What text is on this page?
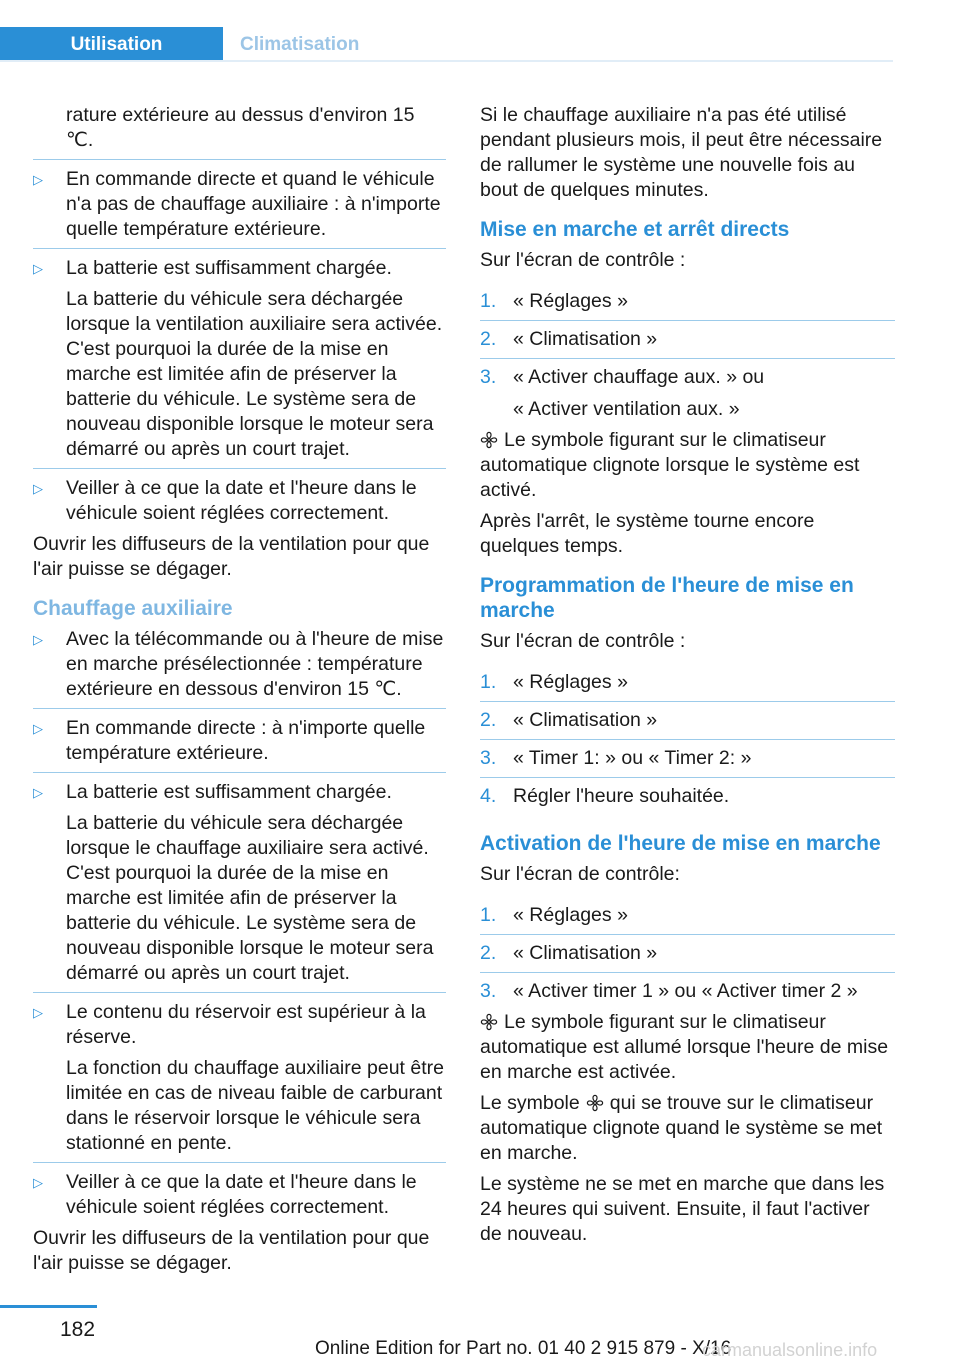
Utilisation	Climatisation

rature extérieure au dessus d'environ 15 ℃.

▷ En commande directe et quand le véhicule n'a pas de chauffage auxiliaire : à n'importe quelle température extérieure.

▷ La batterie est suffisamment chargée.

La batterie du véhicule sera déchargée lorsque la ventilation auxiliaire sera activée. C'est pourquoi la durée de la mise en marche est limitée afin de préserver la batterie du véhicule. Le système sera de nouveau disponible lorsque le moteur sera démarré ou après un court trajet.

▷ Veiller à ce que la date et l'heure dans le véhicule soient réglées correctement.

Ouvrir les diffuseurs de la ventilation pour que l'air puisse se dégager.

Chauffage auxiliaire
▷ Avec la télécommande ou à l'heure de mise en marche présélectionnée : température extérieure en dessous d'environ 15 ℃.

▷ En commande directe : à n'importe quelle température extérieure.

▷ La batterie est suffisamment chargée.

La batterie du véhicule sera déchargée lorsque le chauffage auxiliaire sera activé. C'est pourquoi la durée de la mise en marche est limitée afin de préserver la batterie du véhicule. Le système sera de nouveau disponible lorsque le moteur sera démarré ou après un court trajet.

▷ Le contenu du réservoir est supérieur à la réserve.

La fonction du chauffage auxiliaire peut être limitée en cas de niveau faible de carburant dans le réservoir lorsque le véhicule sera stationné en pente.

▷ Veiller à ce que la date et l'heure dans le véhicule soient réglées correctement.

Ouvrir les diffuseurs de la ventilation pour que l'air puisse se dégager.

Si le chauffage auxiliaire n'a pas été utilisé pendant plusieurs mois, il peut être nécessaire de rallumer le système une nouvelle fois au bout de quelques minutes.

Mise en marche et arrêt directs

Sur l'écran de contrôle :

1. « Réglages »
2. « Climatisation »
3. « Activer chauffage aux. » ou

« Activer ventilation aux. »

Le symbole figurant sur le climatiseur automatique clignote lorsque le système est activé.

Après l'arrêt, le système tourne encore quelques temps.

Programmation de l'heure de mise en marche

Sur l'écran de contrôle :

1. « Réglages »
2. « Climatisation »
3. « Timer 1: » ou « Timer 2: »
4. Régler l'heure souhaitée.
Activation de l'heure de mise en marche

Sur l'écran de contrôle:

1. « Réglages »
2. « Climatisation »
3. « Activer timer 1 » ou « Activer timer 2 »

Le symbole figurant sur le climatiseur automatique est allumé lorsque l'heure de mise en marche est activée.

Le symbole qui se trouve sur le climatiseur automatique clignote quand le système se met en marche.

Le système ne se met en marche que dans les 24 heures qui suivent. Ensuite, il faut l'activer de nouveau.

182
Online Edition for Part no. 01 40 2 915 879 - X/16
carmanualsonline.info
